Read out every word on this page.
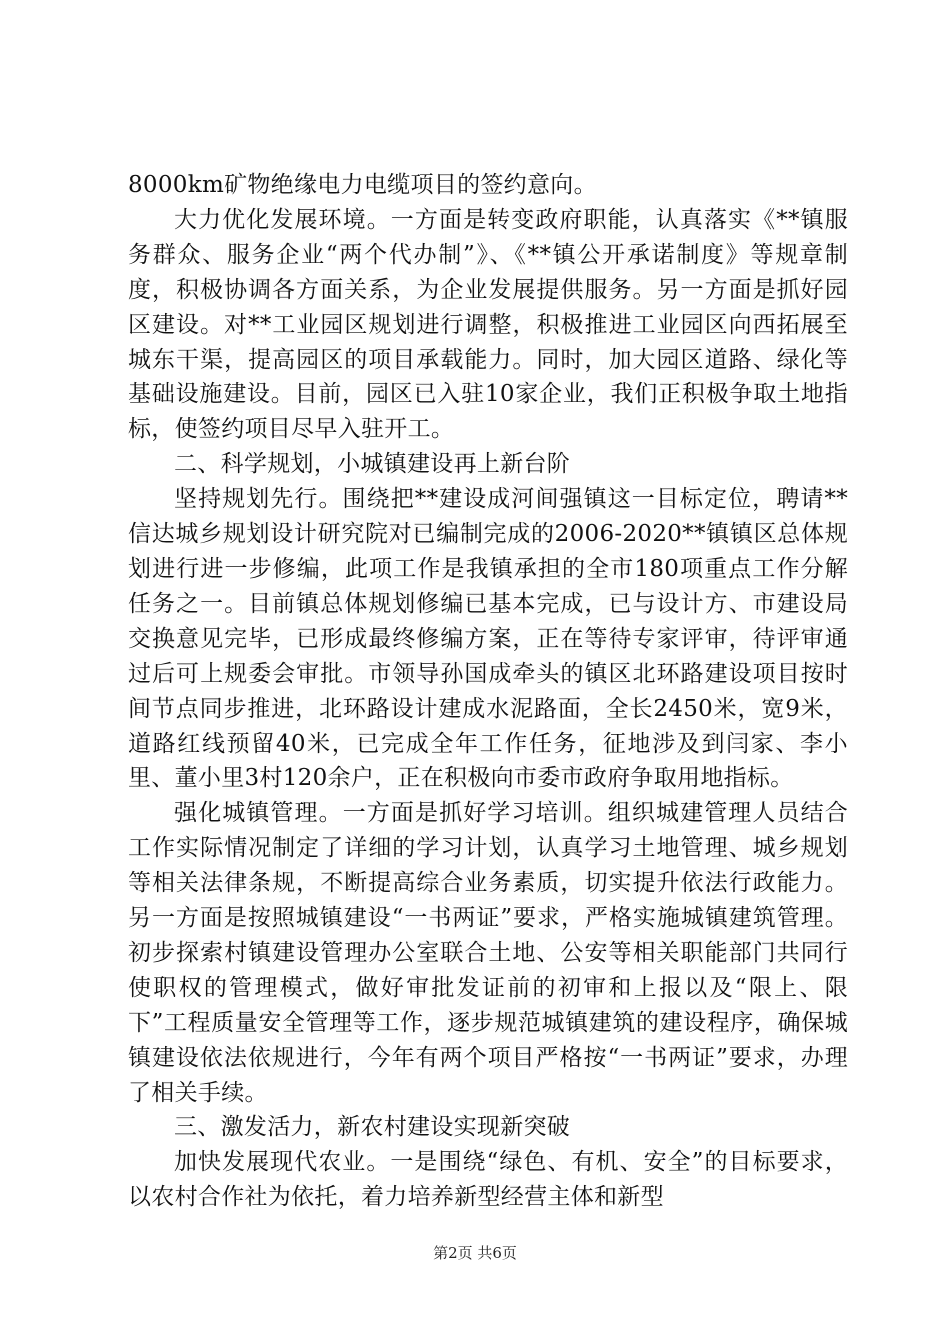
8000km矿物绝缘电力电缆项目的签约意向。

大力优化发展环境。一方面是转变政府职能，认真落实《**镇服务群众、服务企业“两个代办制”》、《**镇公开承诺制度》等规章制度，积极协调各方面关系，为企业发展提供服务。另一方面是抓好园区建设。对**工业园区规划进行调整，积极推进工业园区向西拓展至城东干渠，提高园区的项目承载能力。同时，加大园区道路、绿化等基础设施建设。目前，园区已入驻10家企业，我们正积极争取土地指标，使签约项目尽早入驻开工。

二、科学规划，小城镇建设再上新台阶

坚持规划先行。围绕把**建设成河间强镇这一目标定位，聘请**信达城乡规划设计研究院对已编制完成的2006-2020**镇镇区总体规划进行进一步修编，此项工作是我镇承担的全市180项重点工作分解任务之一。目前镇总体规划修编已基本完成，已与设计方、市建设局交换意见完毕，已形成最终修编方案，正在等待专家评审，待评审通过后可上规委会审批。市领导孙国成牵头的镇区北环路建设项目按时间节点同步推进，北环路设计建成水泥路面，全长2450米，宽9米，道路红线预留40米，已完成全年工作任务，征地涉及到闫家、李小里、董小里3村120余户，正在积极向市委市政府争取用地指标。

强化城镇管理。一方面是抓好学习培训。组织城建管理人员结合工作实际情况制定了详细的学习计划，认真学习土地管理、城乡规划等相关法律条规，不断提高综合业务素质，切实提升依法行政能力。另一方面是按照城镇建设“一书两证”要求，严格实施城镇建筑管理。初步探索村镇建设管理办公室联合土地、公安等相关职能部门共同行使职权的管理模式，做好审批发证前的初审和上报以及“限上、限下”工程质量安全管理等工作，逐步规范城镇建筑的建设程序，确保城镇建设依法依规进行，今年有两个项目严格按“一书两证”要求，办理了相关手续。

三、激发活力，新农村建设实现新突破

加快发展现代农业。一是围绕“绿色、有机、安全”的目标要求，以农村合作社为依托，着力培养新型经营主体和新型

第2页 共6页
